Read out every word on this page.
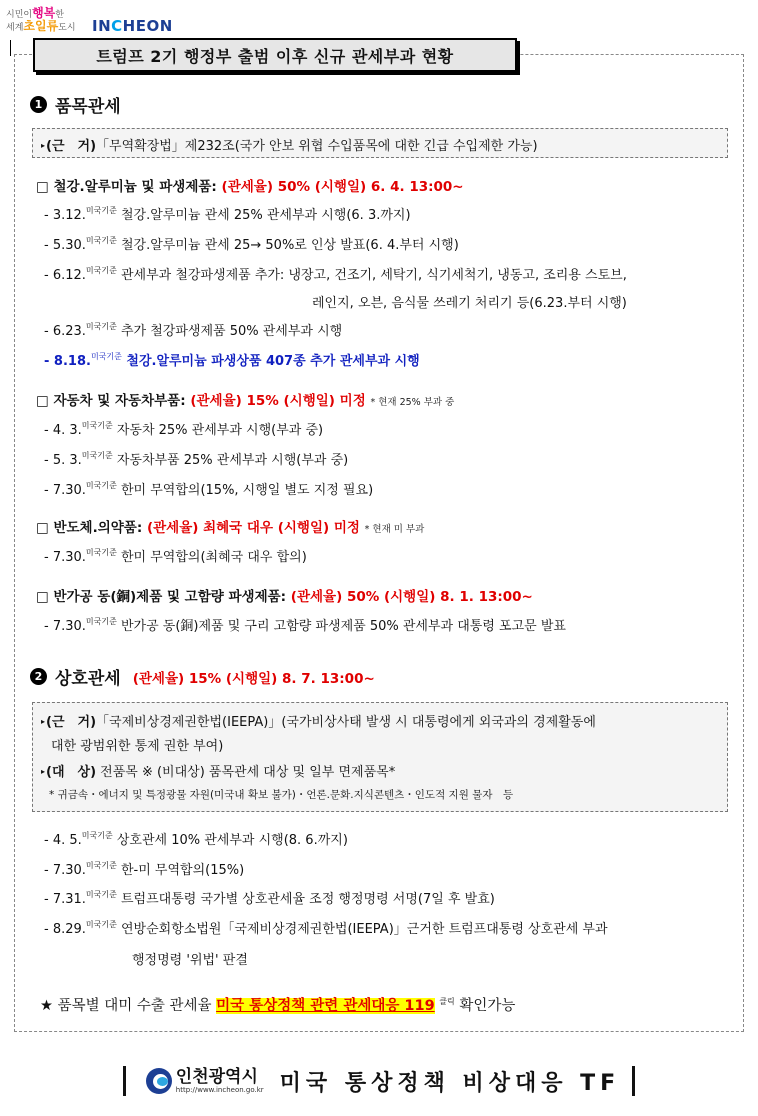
시민이행복한
세계초일류도시	INCHEON
트럼프 2기 행정부 출범 이후 신규 관세부과 현황
1 품목관세
▸(근　거)「무역확장법」제232조(국가 안보 위협 수입품목에 대한 긴급 수입제한 가능)
□ 철강.알루미늄 및 파생제품: (관세율) 50% (시행일) 6. 4. 13:00~
- 3.12.$^{미국기준}$ 철강.알루미늄 관세 25% 관세부과 시행(6. 3.까지)
- 5.30.$^{미국기준}$ 철강.알루미늄 관세 25→ 50%로 인상 발표(6. 4.부터 시행)
- 6.12.$^{미국기준}$ 관세부과 철강파생제품 추가: 냉장고, 건조기, 세탁기, 식기세척기, 냉동고, 조리용 스토브,
레인지, 오븐, 음식물 쓰레기 처리기 등(6.23.부터 시행)
- 6.23.$^{미국기준}$ 추가 철강파생제품 50% 관세부과 시행
- 8.18.$^{미국기준}$ 철강.알루미늄 파생상품 407종 추가 관세부과 시행
□ 자동차 및 자동차부품: (관세율) 15% (시행일) 미정 * 현재 25% 부과 중
- 4. 3.$^{미국기준}$ 자동차 25% 관세부과 시행(부과 중)
- 5. 3.$^{미국기준}$ 자동차부품 25% 관세부과 시행(부과 중)
- 7.30.$^{미국기준}$ 한미 무역합의(15%, 시행일 별도 지정 필요)
□ 반도체.의약품: (관세율) 최혜국 대우 (시행일) 미정 * 현재 미 부과
- 7.30.$^{미국기준}$ 한미 무역합의(최혜국 대우 합의)
□ 반가공 동(銅)제품 및 고함량 파생제품: (관세율) 50% (시행일) 8. 1. 13:00~
- 7.30.$^{미국기준}$ 반가공 동(銅)제품 및 구리 고함량 파생제품 50% 관세부과 대통령 포고문 발표
2 상호관세 (관세율) 15% (시행일) 8. 7. 13:00~
▸(근　거)「국제비상경제권한법(IEEPA)」(국가비상사태 발생 시 대통령에게 외국과의 경제활동에
대한 광범위한 통제 권한 부여)
▸(대　상) 전품목 ※ (비대상) 품목관세 대상 및 일부 면제품목*
* 귀금속・에너지 및 특정광물 자원(미국내 확보 불가)・언론.문화.지식콘텐츠・인도적 지원 물자　등
- 4. 5.$^{미국기준}$ 상호관세 10% 관세부과 시행(8. 6.까지)
- 7.30.$^{미국기준}$ 한-미 무역합의(15%)
- 7.31.$^{미국기준}$ 트럼프대통령 국가별 상호관세율 조정 행정명령 서명(7일 후 발효)
- 8.29.$^{미국기준}$ 연방순회항소법원「국제비상경제권한법(IEEPA)」근거한 트럼프대통령 상호관세 부과
행정명령 '위법' 판결
★ 품목별 대미 수출 관세율 미국 통상정책 관련 관세대응 119 $^{클릭}$ 확인가능
인천광역시
http://www.incheon.go.kr 미국 통상정책 비상대응 TF
